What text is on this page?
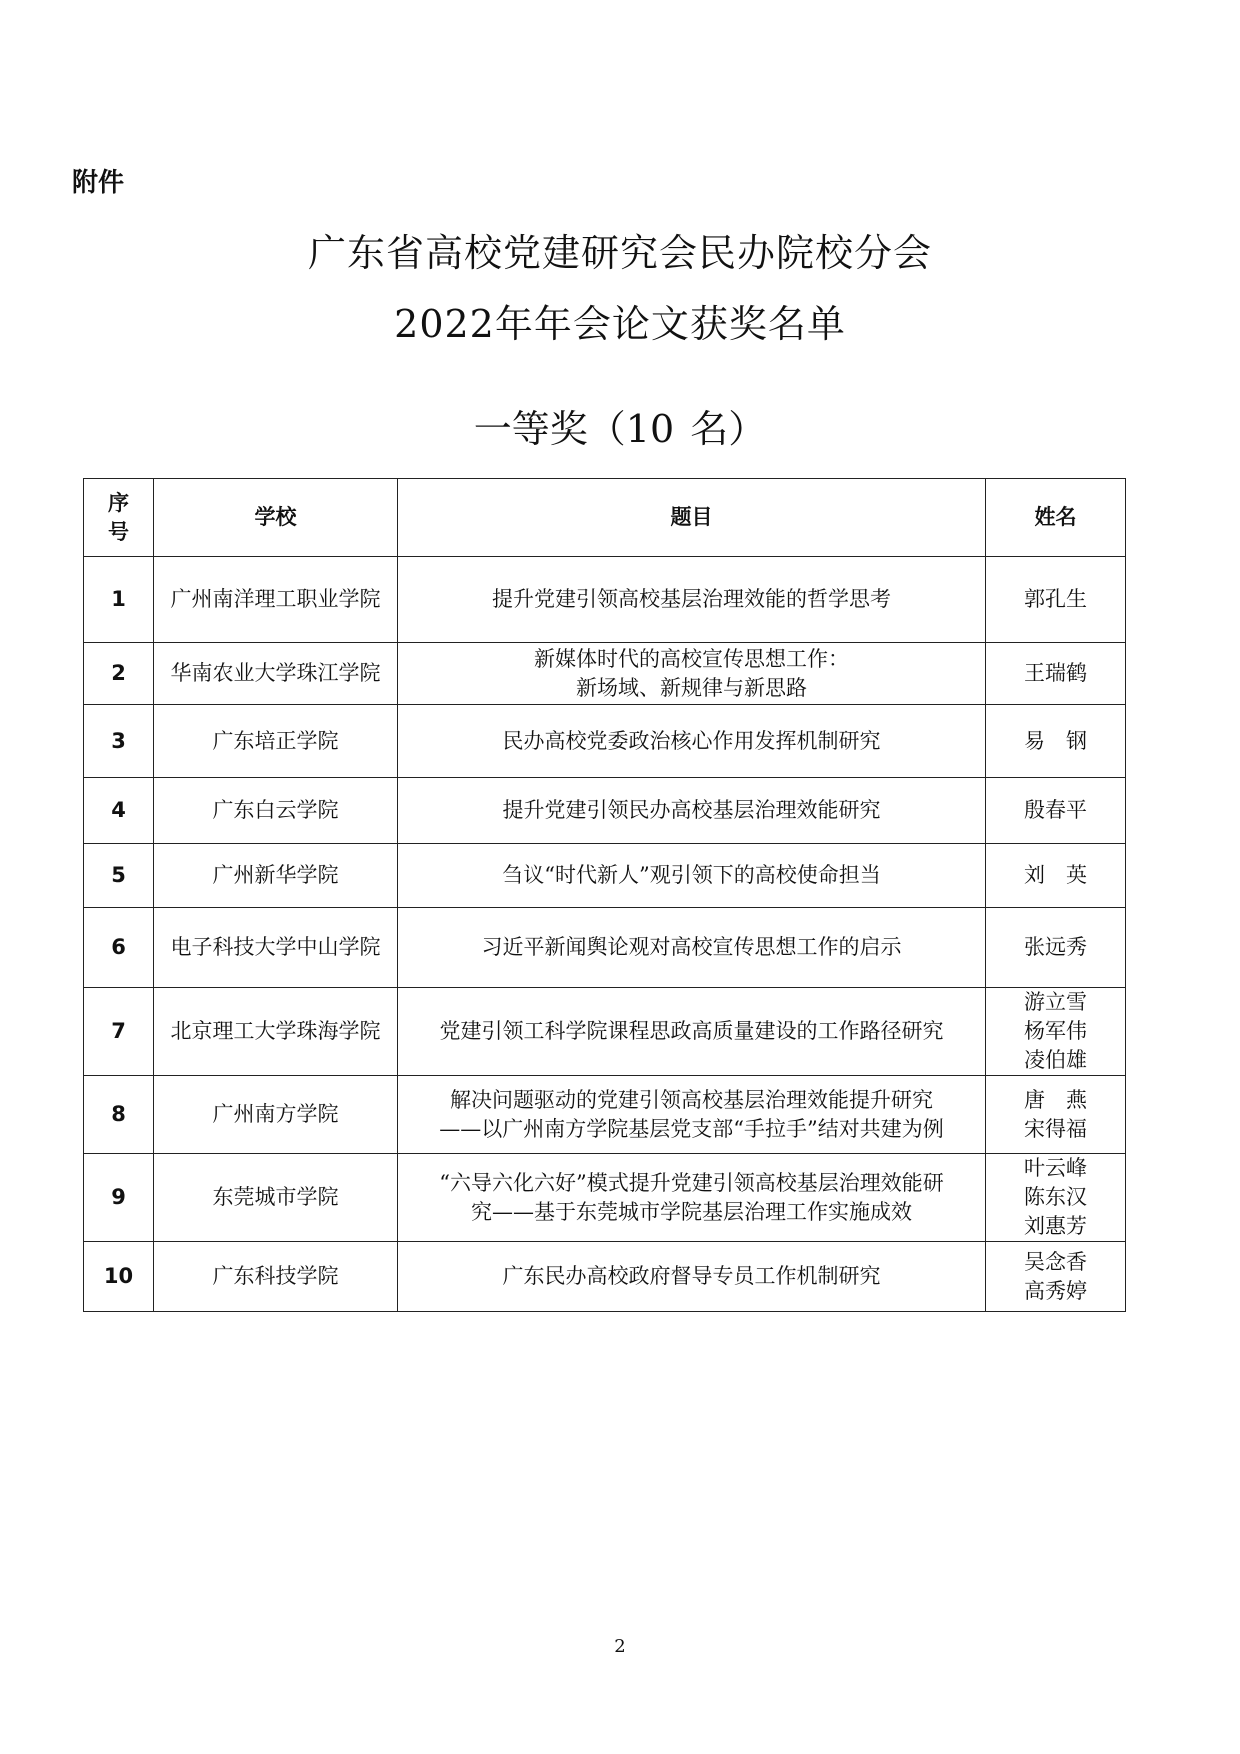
附件
广东省高校党建研究会民办院校分会
2022年年会论文获奖名单
一等奖（10 名）
序
号	学校	题目	姓名
1	广州南洋理工职业学院	提升党建引领高校基层治理效能的哲学思考	郭孔生

2	华南农业大学珠江学院	新媒体时代的高校宣传思想工作：
新场域、新规律与新思路	王瑞鹤

3	广东培正学院	民办高校党委政治核心作用发挥机制研究	易　钢

4	广东白云学院	提升党建引领民办高校基层治理效能研究	殷春平

5	广州新华学院	刍议“时代新人”观引领下的高校使命担当	刘　英

6	电子科技大学中山学院	习近平新闻舆论观对高校宣传思想工作的启示	张远秀

7	北京理工大学珠海学院	党建引领工科学院课程思政高质量建设的工作路径研究	游立雪
杨军伟
凌伯雄

8	广州南方学院	解决问题驱动的党建引领高校基层治理效能提升研究
——以广州南方学院基层党支部“手拉手”结对共建为例	唐　燕
宋得福

9	东莞城市学院	“六导六化六好”模式提升党建引领高校基层治理效能研
究——基于东莞城市学院基层治理工作实施成效	叶云峰
陈东汉
刘惠芳

10	广东科技学院	广东民办高校政府督导专员工作机制研究	吴念香
高秀婷
2
